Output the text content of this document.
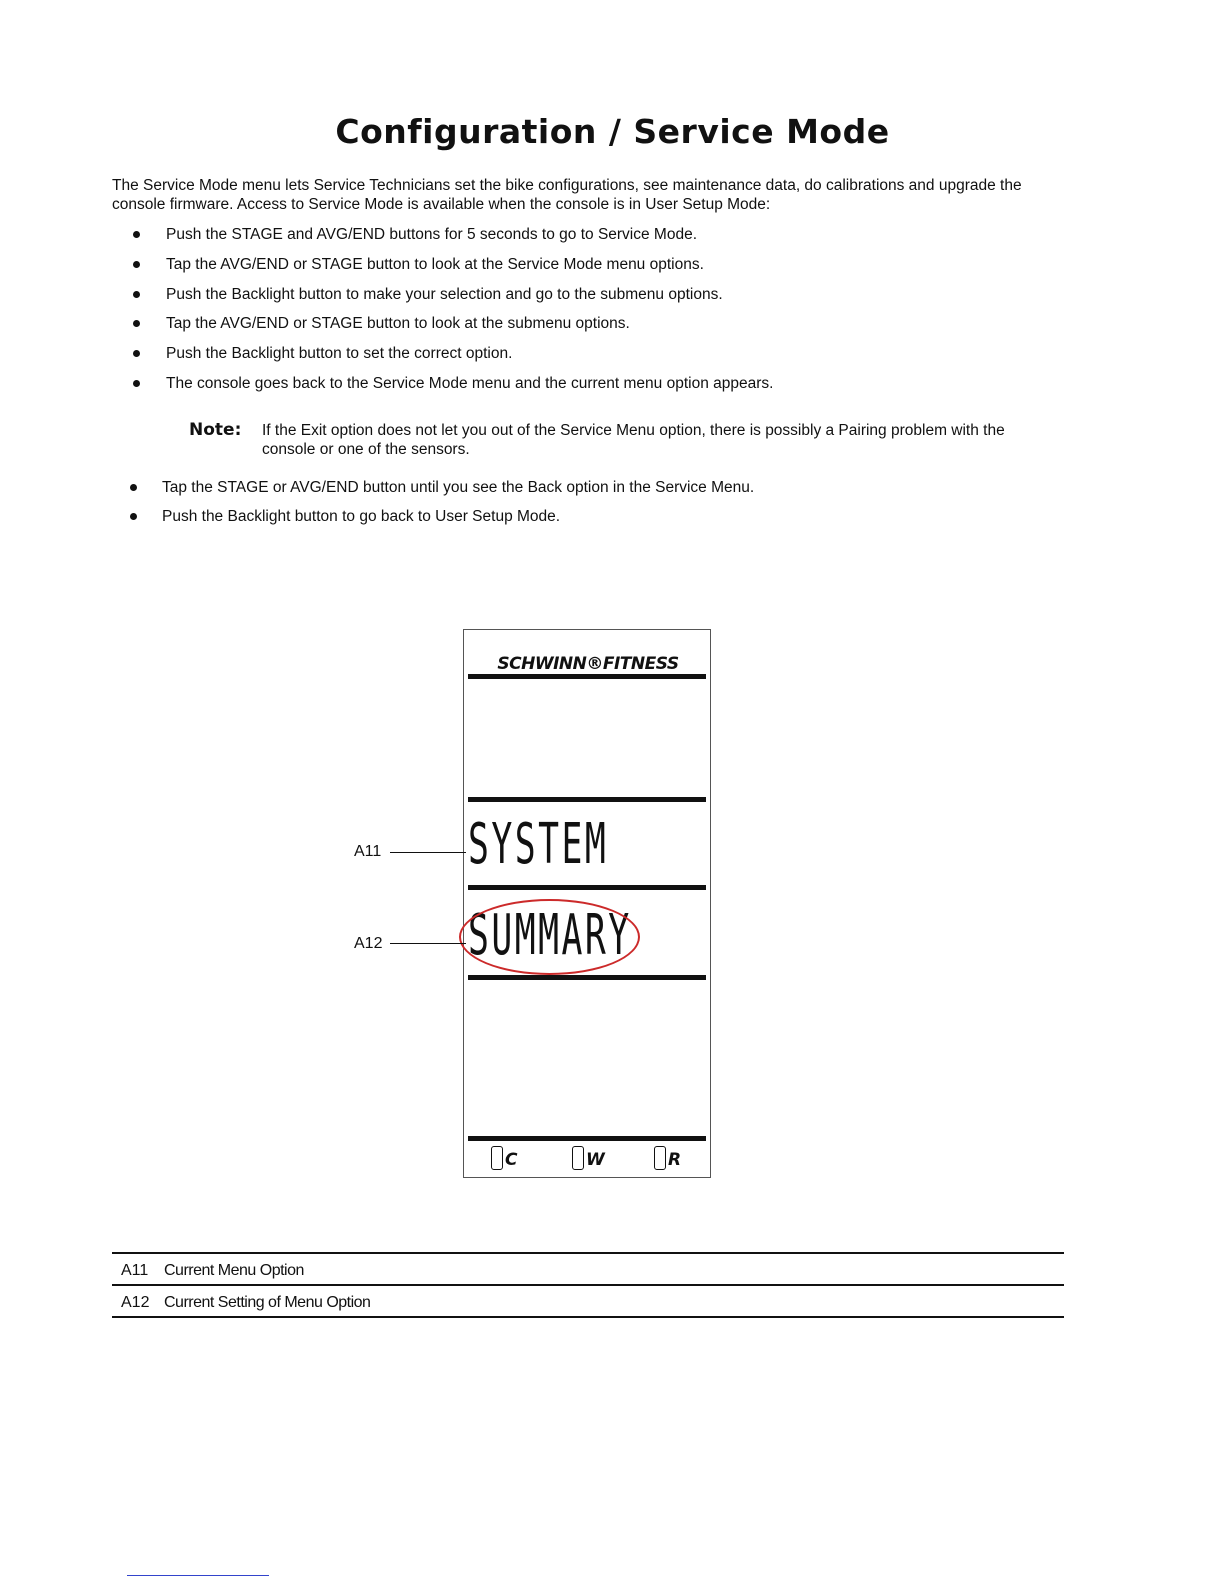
Configuration / Service Mode

The Service Mode menu lets Service Technicians set the bike configurations, see maintenance data, do calibrations and upgrade the console firmware. Access to Service Mode is available when the console is in User Setup Mode:

Push the STAGE and AVG/END buttons for 5 seconds to go to Service Mode.
Tap the AVG/END or STAGE button to look at the Service Mode menu options.
Push the Backlight button to make your selection and go to the submenu options.
Tap the AVG/END or STAGE button to look at the submenu options.
Push the Backlight button to set the correct option.
The console goes back to the Service Mode menu and the current menu option appears.
Note: If the Exit option does not let you out of the Service Menu option, there is possibly a Pairing problem with the console or one of the sensors.

Tap the STAGE or AVG/END button until you see the Back option in the Service Menu.
Push the Backlight button to go back to User Setup Mode.
SCHWINN®FITNESS
SYSTEM
SUMMARY
C	W	R
A11
A12
A11 Current Menu Option
A12 Current Setting of Menu Option
